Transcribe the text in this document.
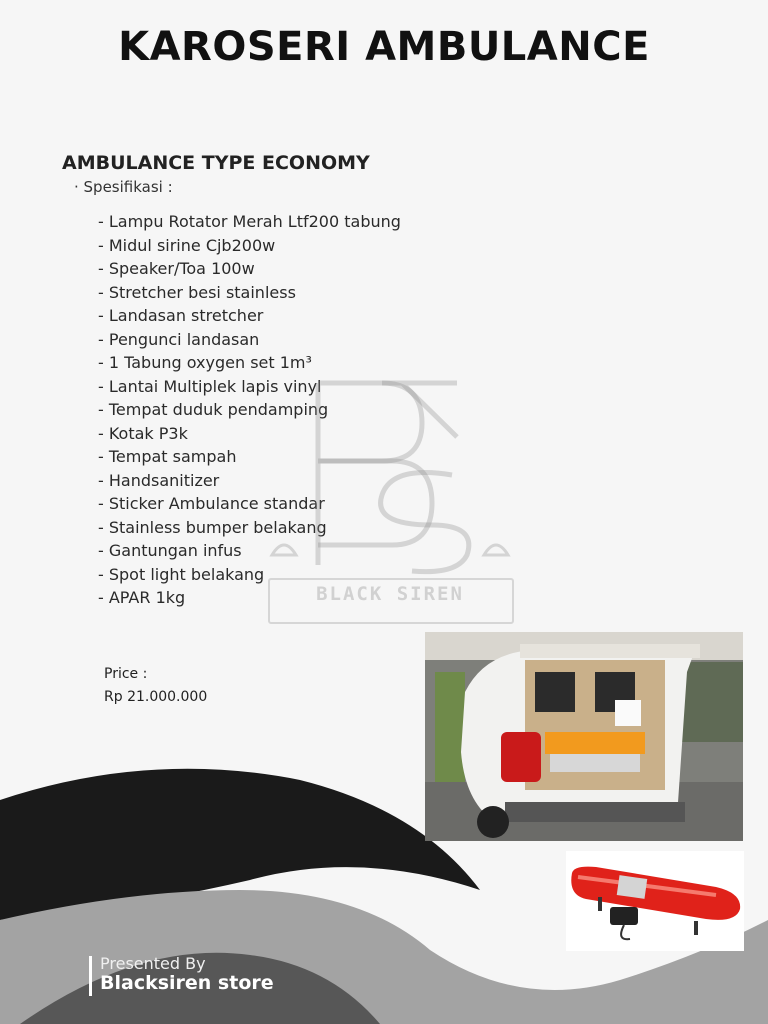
KAROSERI AMBULANCE
AMBULANCE TYPE ECONOMY
· Spesifikasi :
- Lampu Rotator Merah Ltf200 tabung
- Midul sirine Cjb200w
- Speaker/Toa 100w
- Stretcher besi stainless
- Landasan stretcher
- Pengunci landasan
- 1 Tabung oxygen set 1m³
- Lantai Multiplek lapis vinyl
- Tempat duduk pendamping
- Kotak P3k
- Tempat sampah
- Handsanitizer
- Sticker Ambulance standar
- Stainless bumper belakang
- Gantungan infus
- Spot light belakang
- APAR 1kg	BLACK SIREN
Price :
Rp 21.000.000
Presented By
Blacksiren store
